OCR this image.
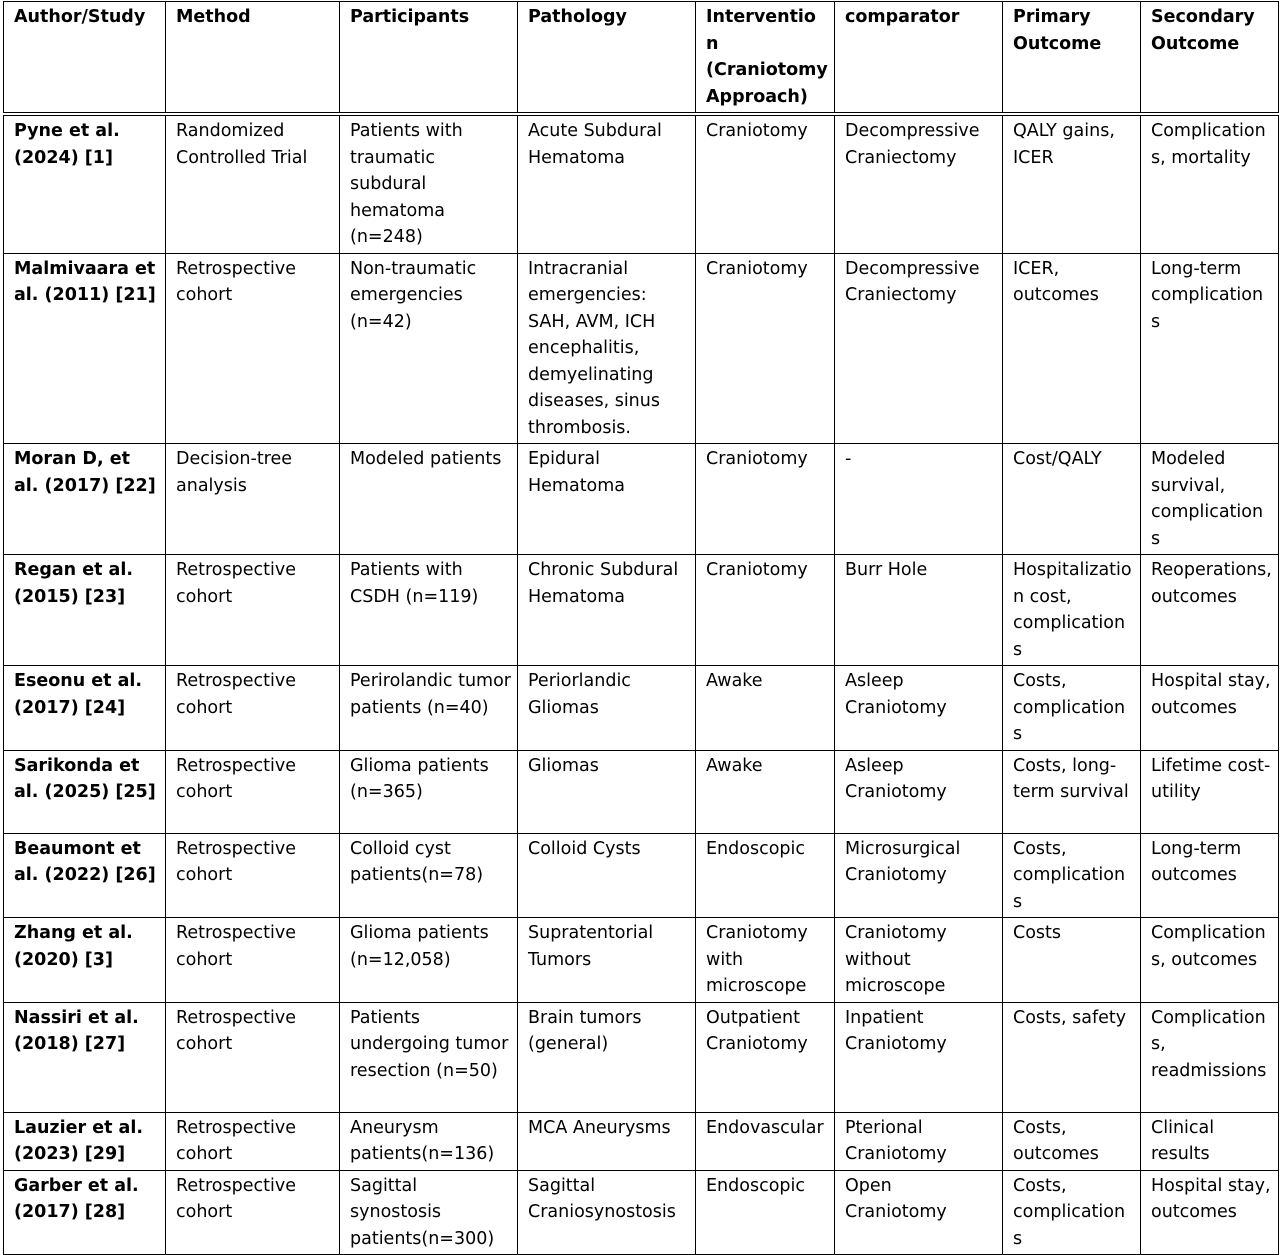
Author/Study	Method	Participants	Pathology	Intervention (Craniotomy Approach)	comparator	Primary Outcome	Secondary Outcome
Pyne et al. (2024) [1]	Randomized Controlled Trial	Patients with traumatic subdural hematoma (n=248)	Acute Subdural Hematoma	Craniotomy	Decompressive Craniectomy	QALY gains, ICER	Complications, mortality
Malmivaara et al. (2011) [21]	Retrospective cohort	Non-traumatic emergencies (n=42)	Intracranial emergencies: SAH, AVM, ICH encephalitis, demyelinating diseases, sinus thrombosis.	Craniotomy	Decompressive Craniectomy	ICER, outcomes	Long-term complications
Moran D, et al. (2017) [22]	Decision-tree analysis	Modeled patients	Epidural Hematoma	Craniotomy	-	Cost/QALY	Modeled survival, complications
Regan et al. (2015) [23]	Retrospective cohort	Patients with CSDH (n=119)	Chronic Subdural Hematoma	Craniotomy	Burr Hole	Hospitalization cost, complications	Reoperations, outcomes
Eseonu et al. (2017) [24]	Retrospective cohort	Perirolandic tumor patients (n=40)	Periorlandic Gliomas	Awake	Asleep Craniotomy	Costs, complications	Hospital stay, outcomes
Sarikonda et al. (2025) [25]	Retrospective cohort	Glioma patients (n=365)	Gliomas	Awake	Asleep Craniotomy	Costs, long-term survival	Lifetime cost-utility
Beaumont et al. (2022) [26]	Retrospective cohort	Colloid cyst patients(n=78)	Colloid Cysts	Endoscopic	Microsurgical Craniotomy	Costs, complications	Long-term outcomes
Zhang et al. (2020) [3]	Retrospective cohort	Glioma patients (n=12,058)	Supratentorial Tumors	Craniotomy with microscope	Craniotomy without microscope	Costs	Complications, outcomes
Nassiri et al. (2018) [27]	Retrospective cohort	Patients undergoing tumor resection (n=50)	Brain tumors (general)	Outpatient Craniotomy	Inpatient Craniotomy	Costs, safety	Complications, readmissions
Lauzier et al. (2023) [29]	Retrospective cohort	Aneurysm patients(n=136)	MCA Aneurysms	Endovascular	Pterional Craniotomy	Costs, outcomes	Clinical results
Garber et al. (2017) [28]	Retrospective cohort	Sagittal synostosis patients(n=300)	Sagittal Craniosynostosis	Endoscopic	Open Craniotomy	Costs, complications	Hospital stay, outcomes
